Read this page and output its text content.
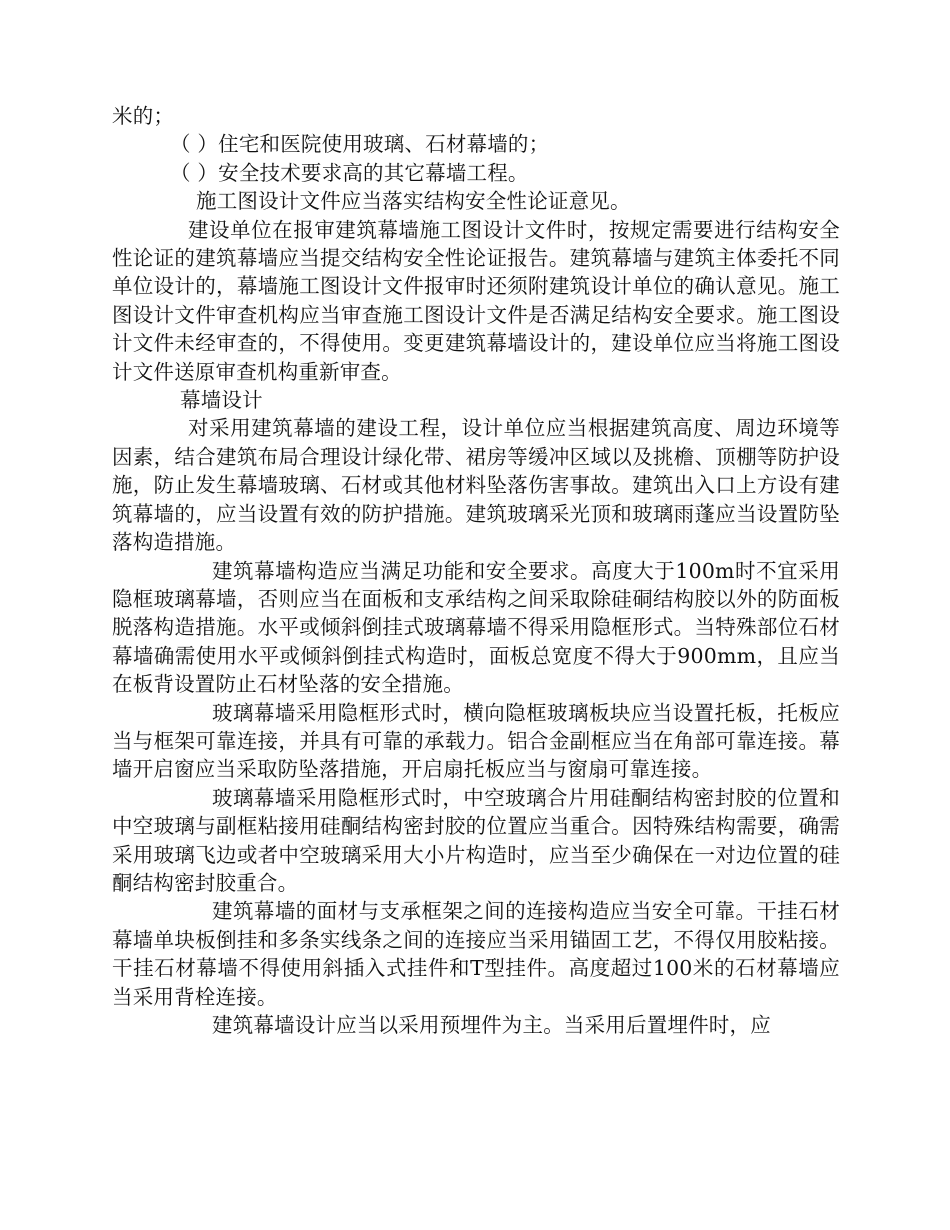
米的；

（ ）住宅和医院使用玻璃、石材幕墙的；

（ ）安全技术要求高的其它幕墙工程。

施工图设计文件应当落实结构安全性论证意见。

建设单位在报审建筑幕墙施工图设计文件时，按规定需要进行结构安全性论证的建筑幕墙应当提交结构安全性论证报告。建筑幕墙与建筑主体委托不同单位设计的，幕墙施工图设计文件报审时还须附建筑设计单位的确认意见。施工图设计文件审查机构应当审查施工图设计文件是否满足结构安全要求。施工图设计文件未经审查的，不得使用。变更建筑幕墙设计的，建设单位应当将施工图设计文件送原审查机构重新审查。

幕墙设计

对采用建筑幕墙的建设工程，设计单位应当根据建筑高度、周边环境等因素，结合建筑布局合理设计绿化带、裙房等缓冲区域以及挑檐、顶棚等防护设施，防止发生幕墙玻璃、石材或其他材料坠落伤害事故。建筑出入口上方设有建筑幕墙的，应当设置有效的防护措施。建筑玻璃采光顶和玻璃雨蓬应当设置防坠落构造措施。

建筑幕墙构造应当满足功能和安全要求。高度大于100m时不宜采用隐框玻璃幕墙，否则应当在面板和支承结构之间采取除硅硐结构胶以外的防面板脱落构造措施。水平或倾斜倒挂式玻璃幕墙不得采用隐框形式。当特殊部位石材幕墙确需使用水平或倾斜倒挂式构造时，面板总宽度不得大于900mm，且应当在板背设置防止石材坠落的安全措施。

玻璃幕墙采用隐框形式时，横向隐框玻璃板块应当设置托板，托板应当与框架可靠连接，并具有可靠的承载力。铝合金副框应当在角部可靠连接。幕墙开启窗应当采取防坠落措施，开启扇托板应当与窗扇可靠连接。

玻璃幕墙采用隐框形式时，中空玻璃合片用硅酮结构密封胶的位置和中空玻璃与副框粘接用硅酮结构密封胶的位置应当重合。因特殊结构需要，确需采用玻璃飞边或者中空玻璃采用大小片构造时，应当至少确保在一对边位置的硅酮结构密封胶重合。

建筑幕墙的面材与支承框架之间的连接构造应当安全可靠。干挂石材幕墙单块板倒挂和多条实线条之间的连接应当采用锚固工艺，不得仅用胶粘接。干挂石材幕墙不得使用斜插入式挂件和T型挂件。高度超过100米的石材幕墙应当采用背栓连接。

建筑幕墙设计应当以采用预埋件为主。当采用后置埋件时，应
